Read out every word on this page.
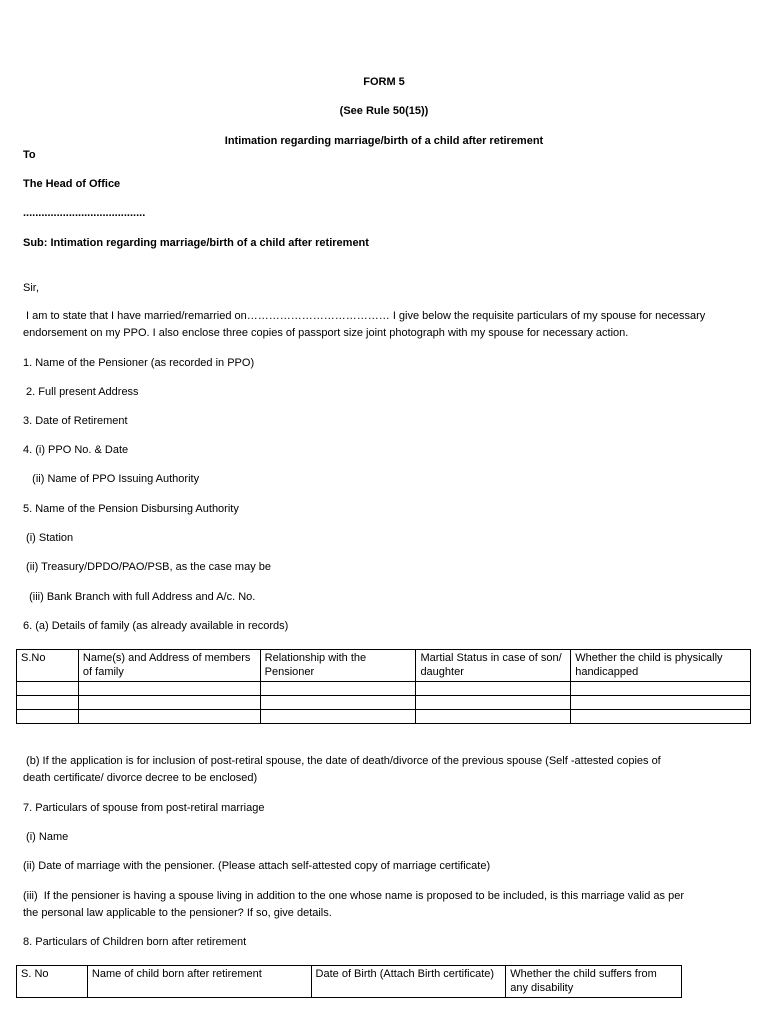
FORM 5
(See Rule 50(15))
Intimation regarding marriage/birth of a child after retirement
To
The Head of Office
........................................
Sub: Intimation regarding marriage/birth of a child after retirement
Sir,
I am to state that I have married/remarried on………………………………… I give below the requisite particulars of my spouse for necessary
endorsement on my PPO. I also enclose three copies of passport size joint photograph with my spouse for necessary action.
1. Name of the Pensioner (as recorded in PPO)
2. Full present Address
3. Date of Retirement
4. (i) PPO No. & Date
(ii) Name of PPO Issuing Authority
5. Name of the Pension Disbursing Authority
(i) Station
(ii) Treasury/DPDO/PAO/PSB, as the case may be
(iii) Bank Branch with full Address and A/c. No.
6. (a) Details of family (as already available in records)
S.No	Name(s) and Address of members of family	Relationship with the Pensioner	Martial Status in case of son/ daughter	Whether the child is physically handicapped

(b) If the application is for inclusion of post-retiral spouse, the date of death/divorce of the previous spouse (Self -attested copies of
death certificate/ divorce decree to be enclosed)
7. Particulars of spouse from post-retiral marriage
(i) Name
(ii) Date of marriage with the pensioner. (Please attach self-attested copy of marriage certificate)
(iii)  If the pensioner is having a spouse living in addition to the one whose name is proposed to be included, is this marriage valid as per
the personal law applicable to the pensioner? If so, give details.
8. Particulars of Children born after retirement
S. No	Name of child born after retirement	Date of Birth (Attach Birth certificate)	Whether the child suffers from any disability
